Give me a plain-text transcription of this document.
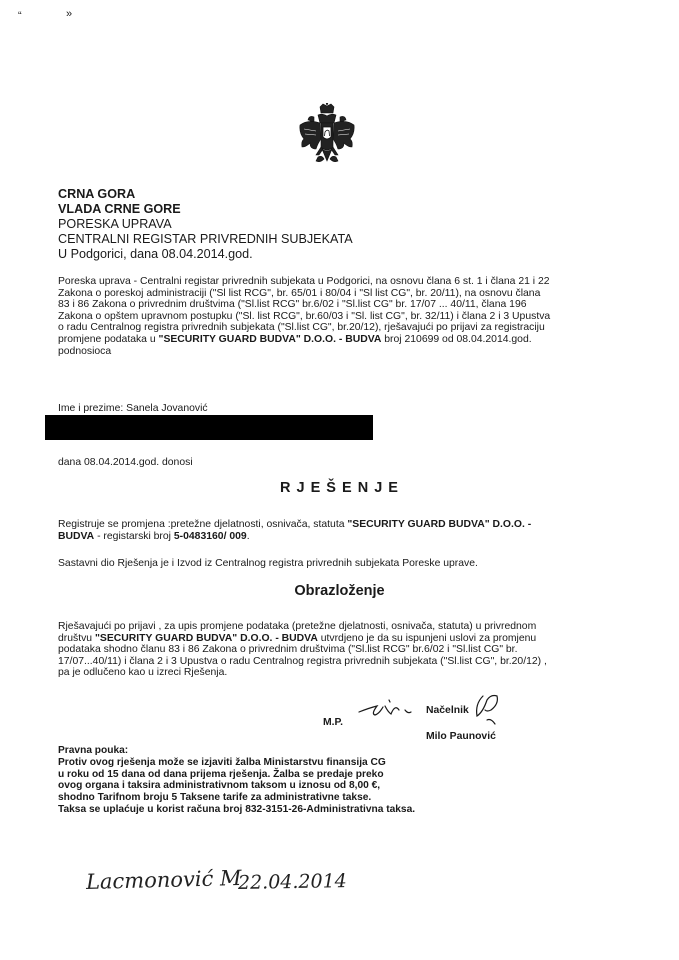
“	»
CRNA GORA
VLADA CRNE GORE
PORESKA UPRAVA
CENTRALNI REGISTAR PRIVREDNIH SUBJEKATA
U Podgorici, dana 08.04.2014.god.
Poreska uprava - Centralni registar privrednih subjekata u Podgorici, na osnovu člana 6 st. 1 i člana 21 i 22
Zakona o poreskoj administraciji ("Sl list RCG", br. 65/01 i 80/04 i "Sl list CG", br. 20/11), na osnovu člana
83 i 86 Zakona o privrednim društvima ("Sl.list RCG" br.6/02 i "Sl.list CG" br. 17/07 ... 40/11, člana 196
Zakona o opštem upravnom postupku ("Sl. list RCG", br.60/03 i "Sl. list CG", br. 32/11) i člana 2 i 3 Upustva
o radu Centralnog registra privrednih subjekata ("Sl.list CG", br.20/12), rješavajući po prijavi za registraciju
promjene podataka u "SECURITY GUARD BUDVA" D.O.O. - BUDVA broj 210699 od 08.04.2014.god.
podnosioca
Ime i prezime: Sanela Jovanović
dana 08.04.2014.god. donosi
R J E Š E N J E
Registruje se promjena :pretežne djelatnosti, osnivača, statuta "SECURITY GUARD BUDVA" D.O.O. -
BUDVA - registarski broj 5-0483160/ 009.
Sastavni dio Rješenja je i Izvod iz Centralnog registra privrednih subjekata Poreske uprave.
Obrazloženje
Rješavajući po prijavi , za upis promjene podataka (pretežne djelatnosti, osnivača, statuta) u privrednom
društvu "SECURITY GUARD BUDVA" D.O.O. - BUDVA utvrdjeno je da su ispunjeni uslovi za promjenu
podataka shodno članu 83 i 86 Zakona o privrednim društvima ("Sl.list RCG" br.6/02 i "Sl.list CG" br.
17/07...40/11) i člana 2 i 3 Upustva o radu Centralnog registra privrednih subjekata ("Sl.list CG", br.20/12) ,
pa je odlučeno kao u izreci Rješenja.
Načelnik
M.P.
Milo Paunović
Pravna pouka:
Protiv ovog rješenja može se izjaviti žalba Ministarstvu finansija CG
u roku od 15 dana od dana prijema rješenja. Žalba se predaje preko
ovog organa i taksira administrativnom taksom u iznosu od 8,00 €,
shodno Tarifnom broju 5 Taksene tarife za administrativne takse.
Taksa se uplaćuje u korist računa broj 832-3151-26-Administrativna taksa.
Lacmonović M
22.04.2014
